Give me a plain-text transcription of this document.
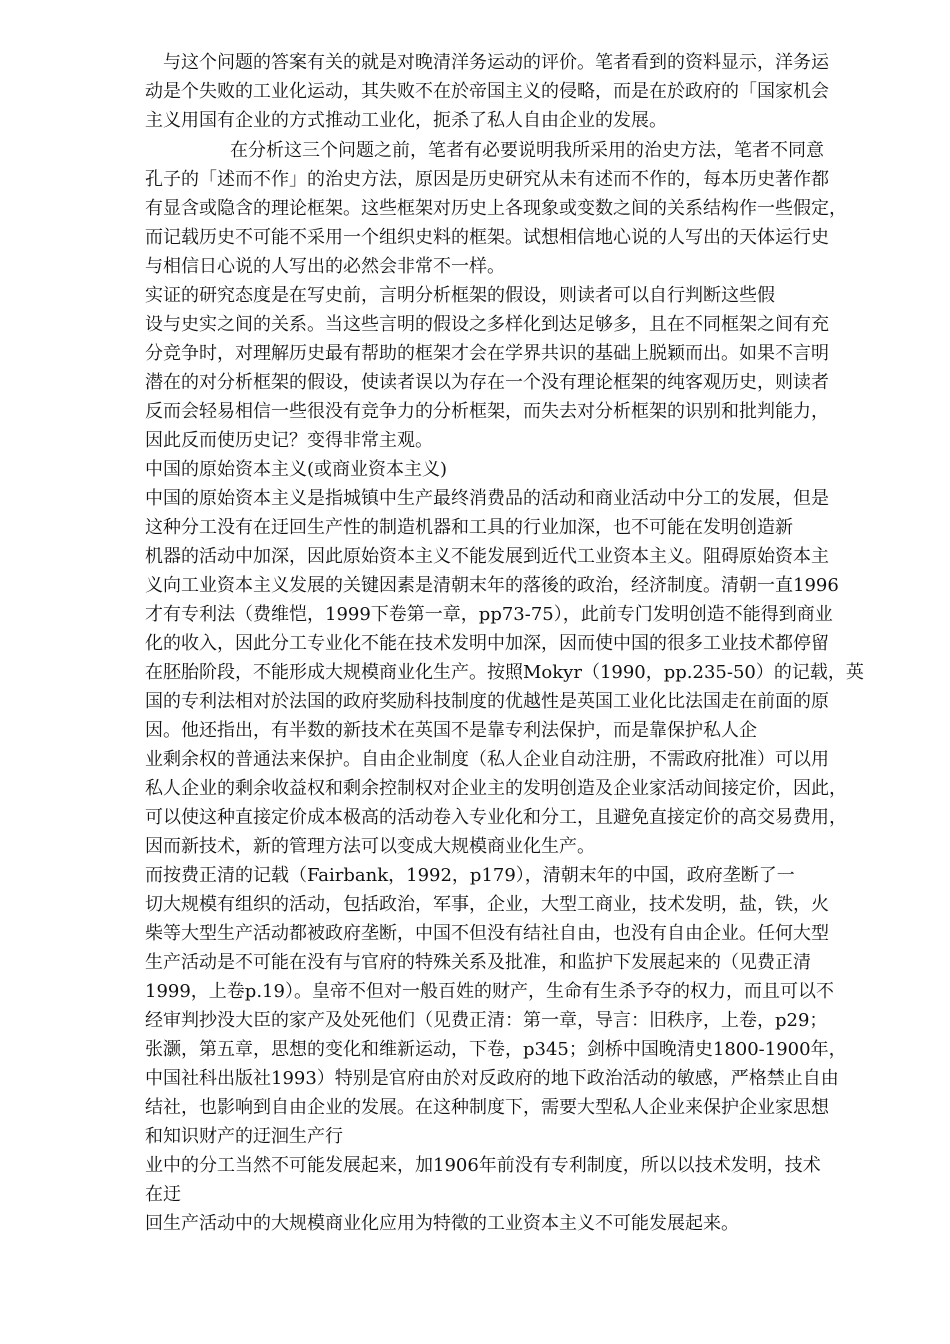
与这个问题的答案有关的就是对晚清洋务运动的评价。笔者看到的资料显示，洋务运
动是个失败的工业化运动，其失败不在於帝国主义的侵略，而是在於政府的「国家机会
主义用国有企业的方式推动工业化，扼杀了私人自由企业的发展。
在分析这三个问题之前，笔者有必要说明我所采用的治史方法，笔者不同意
孔子的「述而不作」的治史方法，原因是历史研究从未有述而不作的，每本历史著作都
有显含或隐含的理论框架。这些框架对历史上各现象或变数之间的关系结构作一些假定，
而记载历史不可能不采用一个组织史料的框架。试想相信地心说的人写出的天体运行史
与相信日心说的人写出的必然会非常不一样。
实证的研究态度是在写史前，言明分析框架的假设，则读者可以自行判断这些假
设与史实之间的关系。当这些言明的假设之多样化到达足够多，且在不同框架之间有充
分竞争时，对理解历史最有帮助的框架才会在学界共识的基础上脱颖而出。如果不言明
潜在的对分析框架的假设，使读者误以为存在一个没有理论框架的纯客观历史，则读者
反而会轻易相信一些很没有竞争力的分析框架，而失去对分析框架的识别和批判能力，
因此反而使历史记？变得非常主观。
中国的原始资本主义(或商业资本主义)
中国的原始资本主义是指城镇中生产最终消费品的活动和商业活动中分工的发展，但是
这种分工没有在迂回生产性的制造机器和工具的行业加深，也不可能在发明创造新
机器的活动中加深，因此原始资本主义不能发展到近代工业资本主义。阻碍原始资本主
义向工业资本主义发展的关键因素是清朝末年的落後的政治，经济制度。清朝一直1996
才有专利法（费维恺，1999下卷第一章，pp73-75），此前专门发明创造不能得到商业
化的收入，因此分工专业化不能在技术发明中加深，因而使中国的很多工业技术都停留
在胚胎阶段，不能形成大规模商业化生产。按照Mokyr（1990，pp.235-50）的记载，英
国的专利法相对於法国的政府奖励科技制度的优越性是英国工业化比法国走在前面的原
因。他还指出，有半数的新技术在英国不是靠专利法保护，而是靠保护私人企
业剩余权的普通法来保护。自由企业制度（私人企业自动注册，不需政府批准）可以用
私人企业的剩余收益权和剩余控制权对企业主的发明创造及企业家活动间接定价，因此，
可以使这种直接定价成本极高的活动卷入专业化和分工，且避免直接定价的高交易费用，
因而新技术，新的管理方法可以变成大规模商业化生产。
而按费正清的记载（Fairbank，1992，p179），清朝末年的中国，政府垄断了一
切大规模有组织的活动，包括政治，军事，企业，大型工商业，技术发明，盐，铁，火
柴等大型生产活动都被政府垄断，中国不但没有结社自由，也没有自由企业。任何大型
生产活动是不可能在没有与官府的特殊关系及批准，和监护下发展起来的（见费正清
1999，上卷p.19）。皇帝不但对一般百姓的财产，生命有生杀予夺的权力，而且可以不
经审判抄没大臣的家产及处死他们（见费正清：第一章，导言：旧秩序，上卷，p29；
张灏，第五章，思想的变化和维新运动，下卷，p345；剑桥中国晚清史1800-1900年，
中国社科出版社1993）特别是官府由於对反政府的地下政治活动的敏感，严格禁止自由
结社，也影响到自由企业的发展。在这种制度下，需要大型私人企业来保护企业家思想
和知识财产的迂洄生产行
业中的分工当然不可能发展起来，加1906年前没有专利制度，所以以技术发明，技术
在迂
回生产活动中的大规模商业化应用为特徵的工业资本主义不可能发展起来。
